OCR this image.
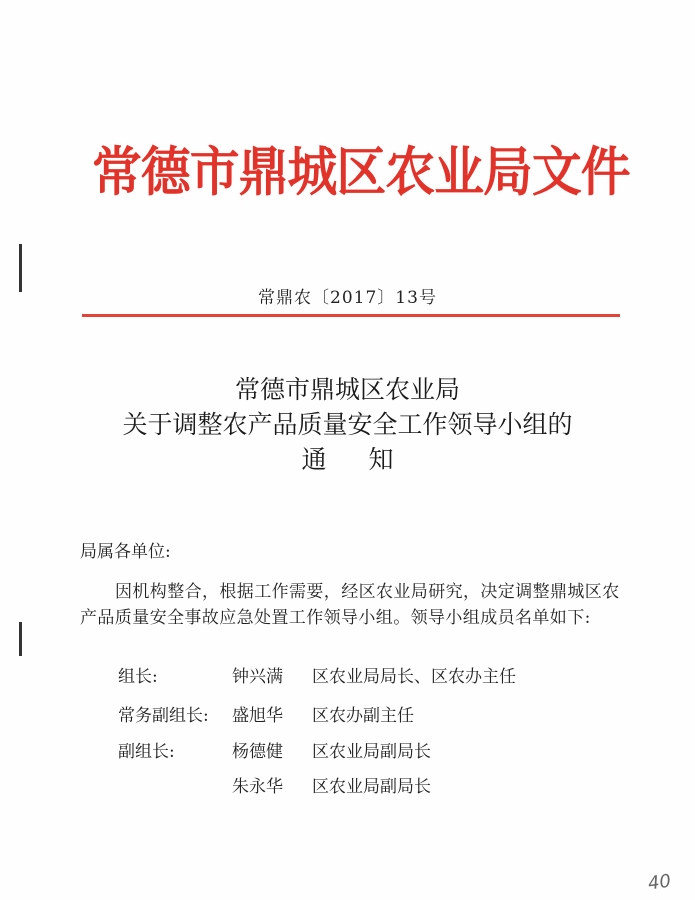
常德市鼎城区农业局文件
常鼎农〔2017〕13号
常德市鼎城区农业局
关于调整农产品质量安全工作领导小组的
通知
局属各单位:
因机构整合，根据工作需要，经区农业局研究，决定调整鼎城区农产品质量安全事故应急处置工作领导小组。领导小组成员名单如下:
组长:	钟兴满 区农业局局长、区农办主任
常务副组长:	盛旭华 区农办副主任
副组长:	杨德健 区农业局副局长
朱永华 区农业局副局长
40
